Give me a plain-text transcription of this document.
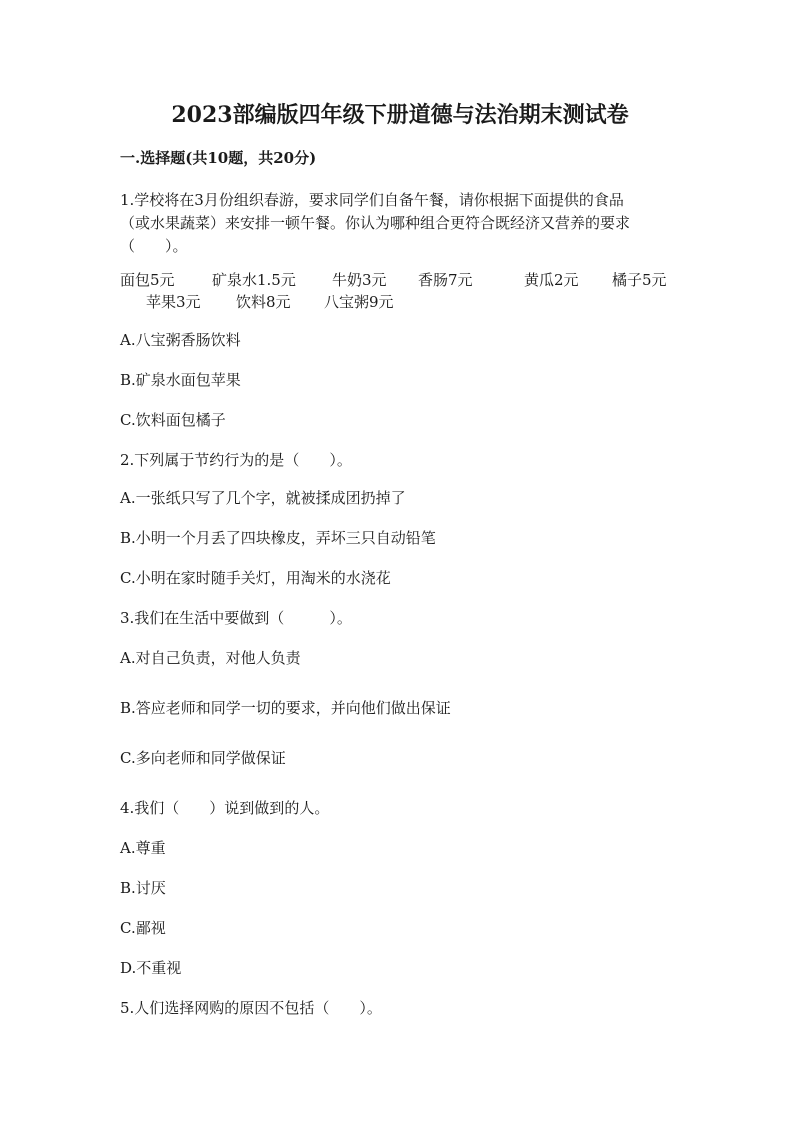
2023部编版四年级下册道德与法治期末测试卷
一.选择题(共10题，共20分)
1.学校将在3月份组织春游，要求同学们自备午餐，请你根据下面提供的食品
（或水果蔬菜）来安排一顿午餐。你认为哪种组合更符合既经济又营养的要求
（　　）。
面包5元 矿泉水1.5元 牛奶3元 香肠7元	黄瓜2元 橘子5元
苹果3元 饮料8元 八宝粥9元
A.八宝粥香肠饮料
B.矿泉水面包苹果
C.饮料面包橘子
2.下列属于节约行为的是（　　）。
A.一张纸只写了几个字，就被揉成团扔掉了
B.小明一个月丢了四块橡皮，弄坏三只自动铅笔
C.小明在家时随手关灯，用淘米的水浇花
3.我们在生活中要做到（　　　）。
A.对自己负责，对他人负责
B.答应老师和同学一切的要求，并向他们做出保证
C.多向老师和同学做保证
4.我们（　　）说到做到的人。
A.尊重
B.讨厌
C.鄙视
D.不重视
5.人们选择网购的原因不包括（　　）。
